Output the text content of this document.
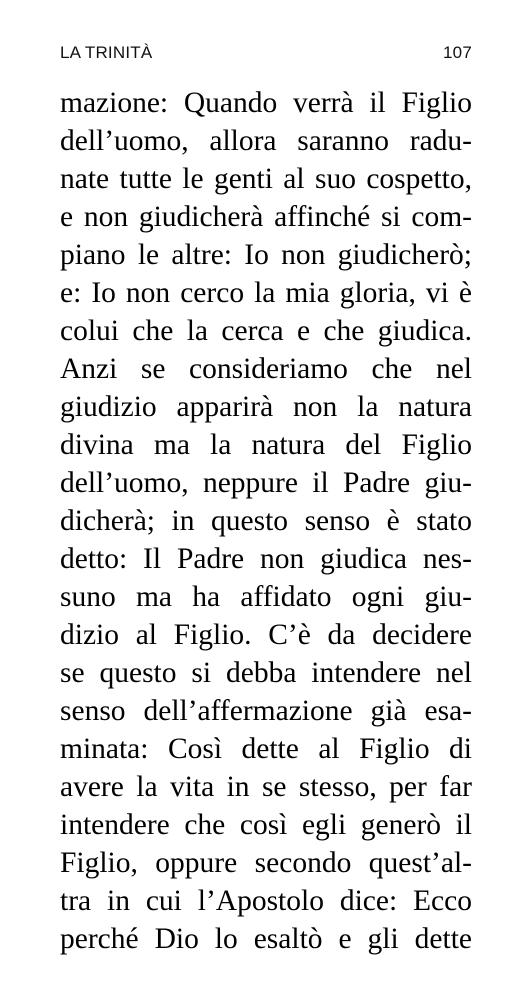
LA TRINITÀ	107
mazione: Quando verrà il Figlio
dell’uomo, allora saranno radu-
nate tutte le genti al suo cospetto,
e non giudicherà affinché si com-
piano le altre: Io non giudicherò;
e: Io non cerco la mia gloria, vi è
colui che la cerca e che giudica.
Anzi se consideriamo che nel
giudizio apparirà non la natura
divina ma la natura del Figlio
dell’uomo, neppure il Padre giu-
dicherà; in questo senso è stato
detto: Il Padre non giudica nes-
suno ma ha affidato ogni giu-
dizio al Figlio. C’è da decidere
se questo si debba intendere nel
senso dell’affermazione già esa-
minata: Così dette al Figlio di
avere la vita in se stesso, per far
intendere che così egli generò il
Figlio, oppure secondo quest’al-
tra in cui l’Apostolo dice: Ecco
perché Dio lo esaltò e gli dette
